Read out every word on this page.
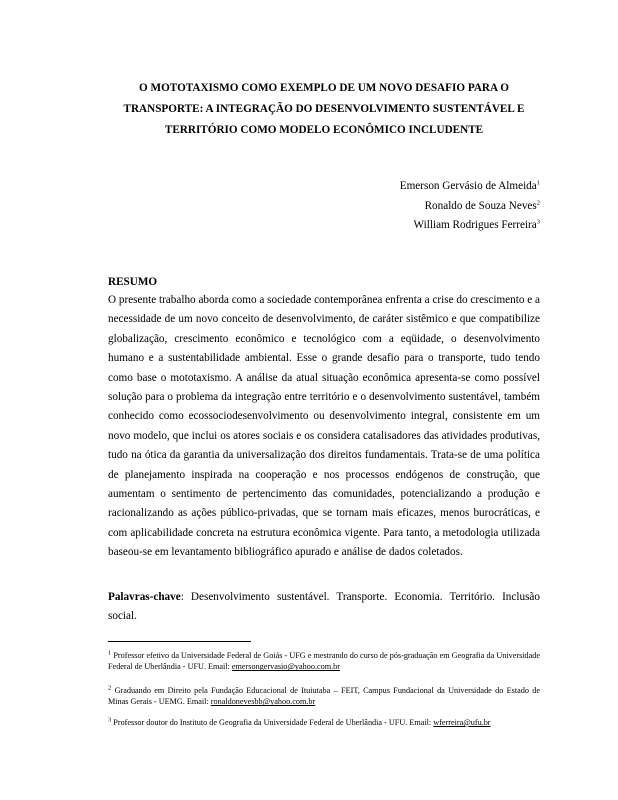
O MOTOTAXISMO COMO EXEMPLO DE UM NOVO DESAFIO PARA O TRANSPORTE: A INTEGRAÇÃO DO DESENVOLVIMENTO SUSTENTÁVEL E TERRITÓRIO COMO MODELO ECONÔMICO INCLUDENTE
Emerson Gervásio de Almeida$^1$
Ronaldo de Souza Neves$^2$
William Rodrigues Ferreira$^3$
RESUMO

O presente trabalho aborda como a sociedade contemporânea enfrenta a crise do crescimento e a necessidade de um novo conceito de desenvolvimento, de caráter sistêmico e que compatibilize globalização, crescimento econômico e tecnológico com a eqüidade, o desenvolvimento humano e a sustentabilidade ambiental. Esse o grande desafio para o transporte, tudo tendo como base o mototaxismo. A análise da atual situação econômica apresenta-se como possível solução para o problema da integração entre território e o desenvolvimento sustentável, também conhecido como ecossociodesenvolvimento ou desenvolvimento integral, consistente em um novo modelo, que inclui os atores sociais e os considera catalisadores das atividades produtivas, tudo na ótica da garantia da universalização dos direitos fundamentais. Trata-se de uma política de planejamento inspirada na cooperação e nos processos endógenos de construção, que aumentam o sentimento de pertencimento das comunidades, potencializando a produção e racionalizando as ações público-privadas, que se tornam mais eficazes, menos burocráticas, e com aplicabilidade concreta na estrutura econômica vigente. Para tanto, a metodologia utilizada baseou-se em levantamento bibliográfico apurado e análise de dados coletados.

Palavras-chave: Desenvolvimento sustentável. Transporte. Economia. Território. Inclusão social.

$^1$ Professor efetivo da Universidade Federal de Goiás - UFG e mestrando do curso de pós-graduação em Geografia da Universidade Federal de Uberlândia - UFU. Email: emersongervasio@yahoo.com.br

$^2$ Graduando em Direito pela Fundação Educacional de Ituiutaba – FEIT, Campus Fundacional da Universidade do Estado de Minas Gerais - UEMG. Email: ronaldonevesbb@yahoo.com.br

$^3$ Professor doutor do Instituto de Geografia da Universidade Federal de Uberlândia - UFU. Email: wferreira@ufu.br
